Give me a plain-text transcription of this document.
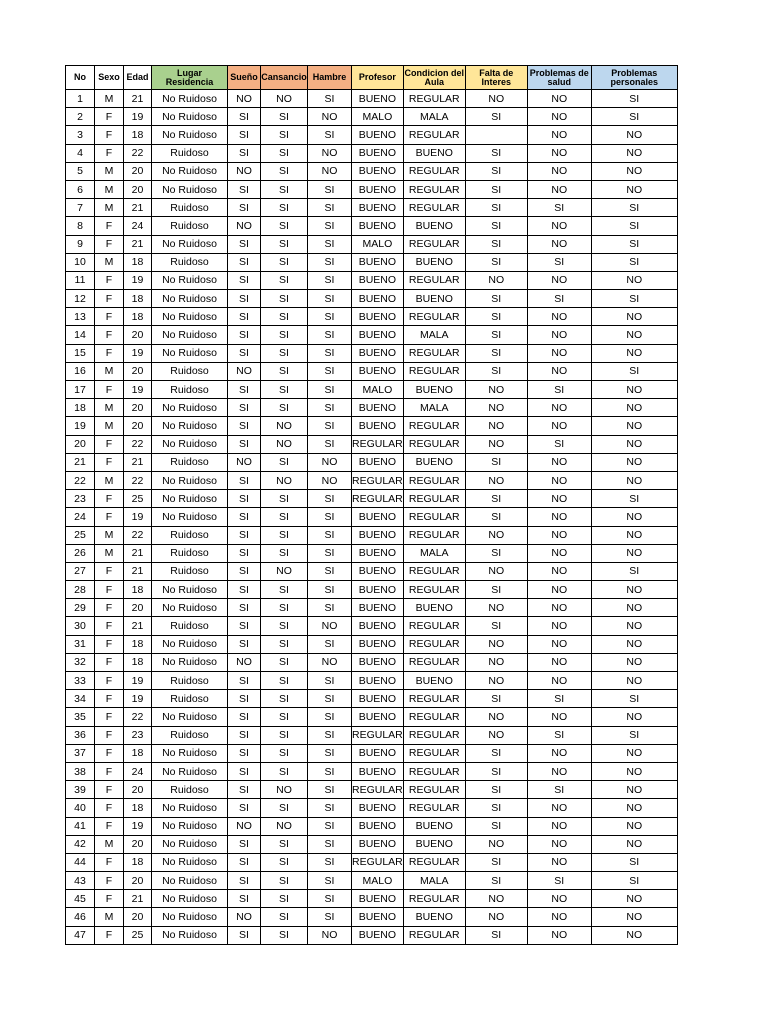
No	Sexo	Edad	Lugar Residencia	Sueño	Cansancio	Hambre	Profesor	Condicion del Aula	Falta de Interes	Problemas de salud	Problemas personales
1	M	21	No Ruidoso	NO	NO	SI	BUENO	REGULAR	NO	NO	SI
2	F	19	No Ruidoso	SI	SI	NO	MALO	MALA	SI	NO	SI
3	F	18	No Ruidoso	SI	SI	SI	BUENO	REGULAR		NO	NO
4	F	22	Ruidoso	SI	SI	NO	BUENO	BUENO	SI	NO	NO
5	M	20	No Ruidoso	NO	SI	NO	BUENO	REGULAR	SI	NO	NO
6	M	20	No Ruidoso	SI	SI	SI	BUENO	REGULAR	SI	NO	NO
7	M	21	Ruidoso	SI	SI	SI	BUENO	REGULAR	SI	SI	SI
8	F	24	Ruidoso	NO	SI	SI	BUENO	BUENO	SI	NO	SI
9	F	21	No Ruidoso	SI	SI	SI	MALO	REGULAR	SI	NO	SI
10	M	18	Ruidoso	SI	SI	SI	BUENO	BUENO	SI	SI	SI
11	F	19	No Ruidoso	SI	SI	SI	BUENO	REGULAR	NO	NO	NO
12	F	18	No Ruidoso	SI	SI	SI	BUENO	BUENO	SI	SI	SI
13	F	18	No Ruidoso	SI	SI	SI	BUENO	REGULAR	SI	NO	NO
14	F	20	No Ruidoso	SI	SI	SI	BUENO	MALA	SI	NO	NO
15	F	19	No Ruidoso	SI	SI	SI	BUENO	REGULAR	SI	NO	NO
16	M	20	Ruidoso	NO	SI	SI	BUENO	REGULAR	SI	NO	SI
17	F	19	Ruidoso	SI	SI	SI	MALO	BUENO	NO	SI	NO
18	M	20	No Ruidoso	SI	SI	SI	BUENO	MALA	NO	NO	NO
19	M	20	No Ruidoso	SI	NO	SI	BUENO	REGULAR	NO	NO	NO
20	F	22	No Ruidoso	SI	NO	SI	REGULAR	REGULAR	NO	SI	NO
21	F	21	Ruidoso	NO	SI	NO	BUENO	BUENO	SI	NO	NO
22	M	22	No Ruidoso	SI	NO	NO	REGULAR	REGULAR	NO	NO	NO
23	F	25	No Ruidoso	SI	SI	SI	REGULAR	REGULAR	SI	NO	SI
24	F	19	No Ruidoso	SI	SI	SI	BUENO	REGULAR	SI	NO	NO
25	M	22	Ruidoso	SI	SI	SI	BUENO	REGULAR	NO	NO	NO
26	M	21	Ruidoso	SI	SI	SI	BUENO	MALA	SI	NO	NO
27	F	21	Ruidoso	SI	NO	SI	BUENO	REGULAR	NO	NO	SI
28	F	18	No Ruidoso	SI	SI	SI	BUENO	REGULAR	SI	NO	NO
29	F	20	No Ruidoso	SI	SI	SI	BUENO	BUENO	NO	NO	NO
30	F	21	Ruidoso	SI	SI	NO	BUENO	REGULAR	SI	NO	NO
31	F	18	No Ruidoso	SI	SI	SI	BUENO	REGULAR	NO	NO	NO
32	F	18	No Ruidoso	NO	SI	NO	BUENO	REGULAR	NO	NO	NO
33	F	19	Ruidoso	SI	SI	SI	BUENO	BUENO	NO	NO	NO
34	F	19	Ruidoso	SI	SI	SI	BUENO	REGULAR	SI	SI	SI
35	F	22	No Ruidoso	SI	SI	SI	BUENO	REGULAR	NO	NO	NO
36	F	23	Ruidoso	SI	SI	SI	REGULAR	REGULAR	NO	SI	SI
37	F	18	No Ruidoso	SI	SI	SI	BUENO	REGULAR	SI	NO	NO
38	F	24	No Ruidoso	SI	SI	SI	BUENO	REGULAR	SI	NO	NO
39	F	20	Ruidoso	SI	NO	SI	REGULAR	REGULAR	SI	SI	NO
40	F	18	No Ruidoso	SI	SI	SI	BUENO	REGULAR	SI	NO	NO
41	F	19	No Ruidoso	NO	NO	SI	BUENO	BUENO	SI	NO	NO
42	M	20	No Ruidoso	SI	SI	SI	BUENO	BUENO	NO	NO	NO
44	F	18	No Ruidoso	SI	SI	SI	REGULAR	REGULAR	SI	NO	SI
43	F	20	No Ruidoso	SI	SI	SI	MALO	MALA	SI	SI	SI
45	F	21	No Ruidoso	SI	SI	SI	BUENO	REGULAR	NO	NO	NO
46	M	20	No Ruidoso	NO	SI	SI	BUENO	BUENO	NO	NO	NO
47	F	25	No Ruidoso	SI	SI	NO	BUENO	REGULAR	SI	NO	NO
